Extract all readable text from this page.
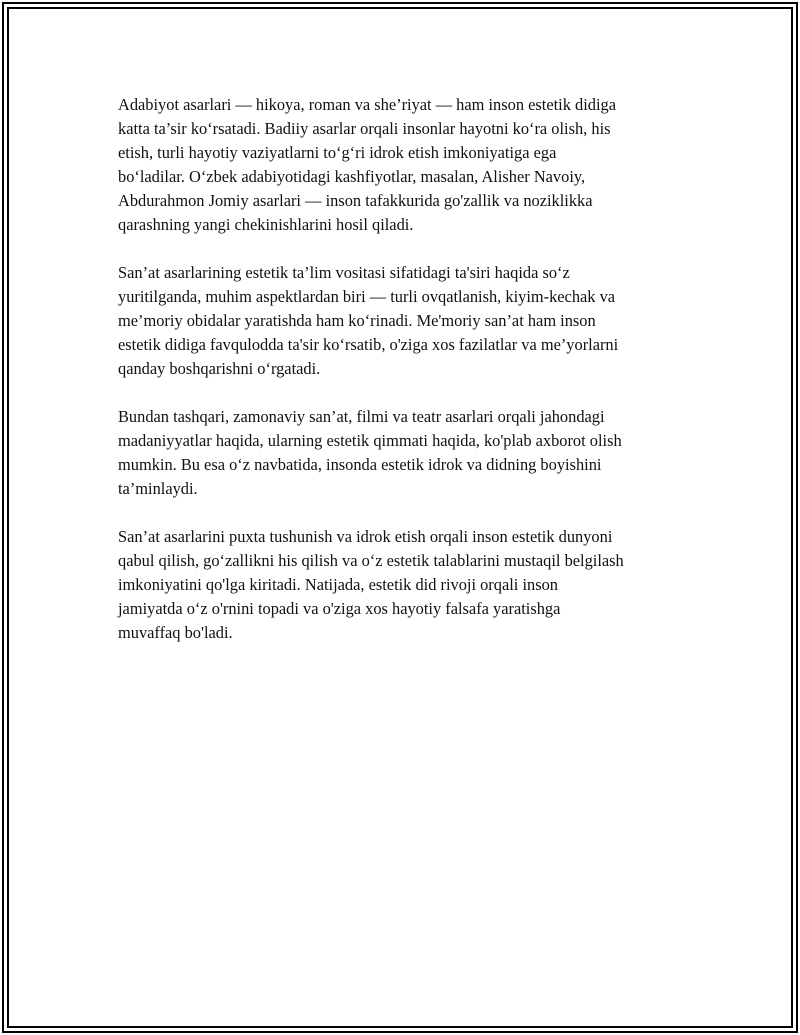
Adabiyot asarlari — hikoya, roman va she’riyat — ham inson estetik didiga
katta ta’sir koʻrsatadi. Badiiy asarlar orqali insonlar hayotni koʻra olish, his
etish, turli hayotiy vaziyatlarni toʻgʻri idrok etish imkoniyatiga ega
boʻladilar. Oʻzbek adabiyotidagi kashfiyotlar, masalan, Alisher Navoiy,
Abdurahmon Jomiy asarlari — inson tafakkurida go'zallik va noziklikka
qarashning yangi chekinishlarini hosil qiladi.

San’at asarlarining estetik ta’lim vositasi sifatidagi ta'siri haqida soʻz
yuritilganda, muhim aspektlardan biri — turli ovqatlanish, kiyim-kechak va
me’moriy obidalar yaratishda ham koʻrinadi. Me'moriy san’at ham inson
estetik didiga favqulodda ta'sir koʻrsatib, o'ziga xos fazilatlar va me’yorlarni
qanday boshqarishni oʻrgatadi.

Bundan tashqari, zamonaviy san’at, filmi va teatr asarlari orqali jahondagi
madaniyyatlar haqida, ularning estetik qimmati haqida, ko'plab axborot olish
mumkin. Bu esa oʻz navbatida, insonda estetik idrok va didning boyishini
ta’minlaydi.

San’at asarlarini puxta tushunish va idrok etish orqali inson estetik dunyoni
qabul qilish, goʻzallikni his qilish va oʻz estetik talablarini mustaqil belgilash
imkoniyatini qo'lga kiritadi. Natijada, estetik did rivoji orqali inson
jamiyatda oʻz o'rnini topadi va o'ziga xos hayotiy falsafa yaratishga
muvaffaq bo'ladi.
